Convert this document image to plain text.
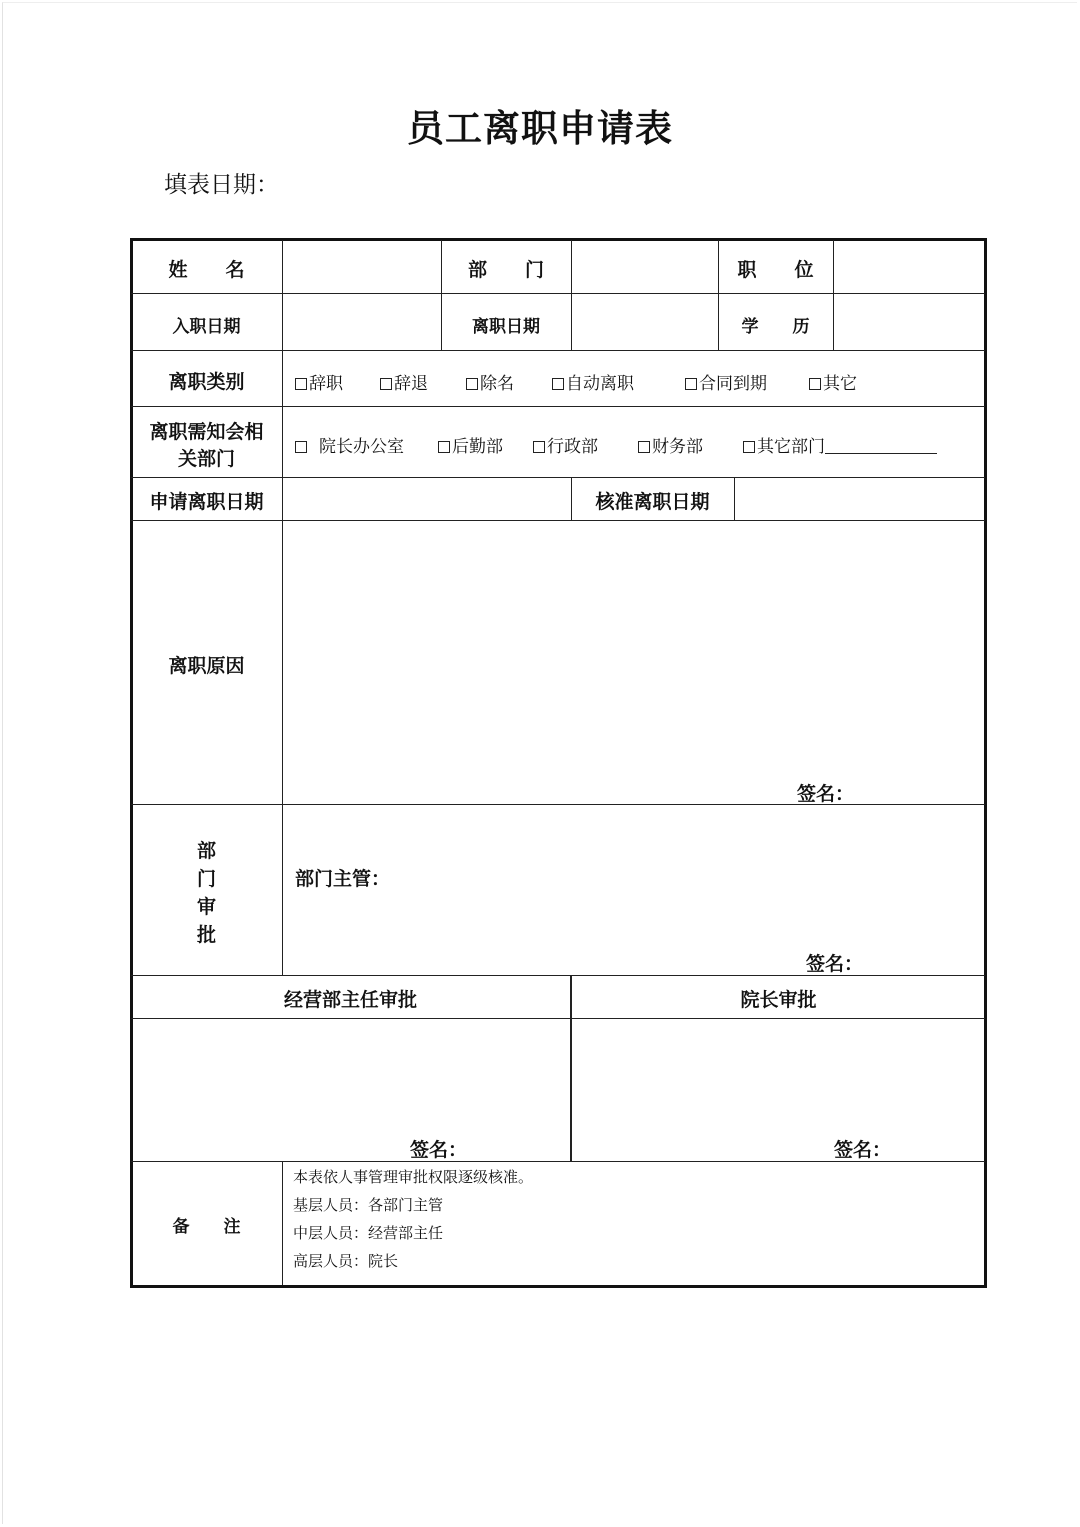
员工离职申请表
填表日期：
姓　　名	部　　门	职　　位
入职日期	离职日期	学　　历
离职类别	辞职	辞退	除名	自动离职	合同到期	其它
离职需知会相
关部门
院长办公室	后勤部	行政部	财务部	其它部门
申请离职日期	核准离职日期
离职原因
签名：
部
门
审
批
部门主管：
签名：
经营部主任审批	院长审批
签名：	签名：
备　　注
本表依人事管理审批权限逐级核准。
基层人员：各部门主管
中层人员：经营部主任
高层人员：院长
